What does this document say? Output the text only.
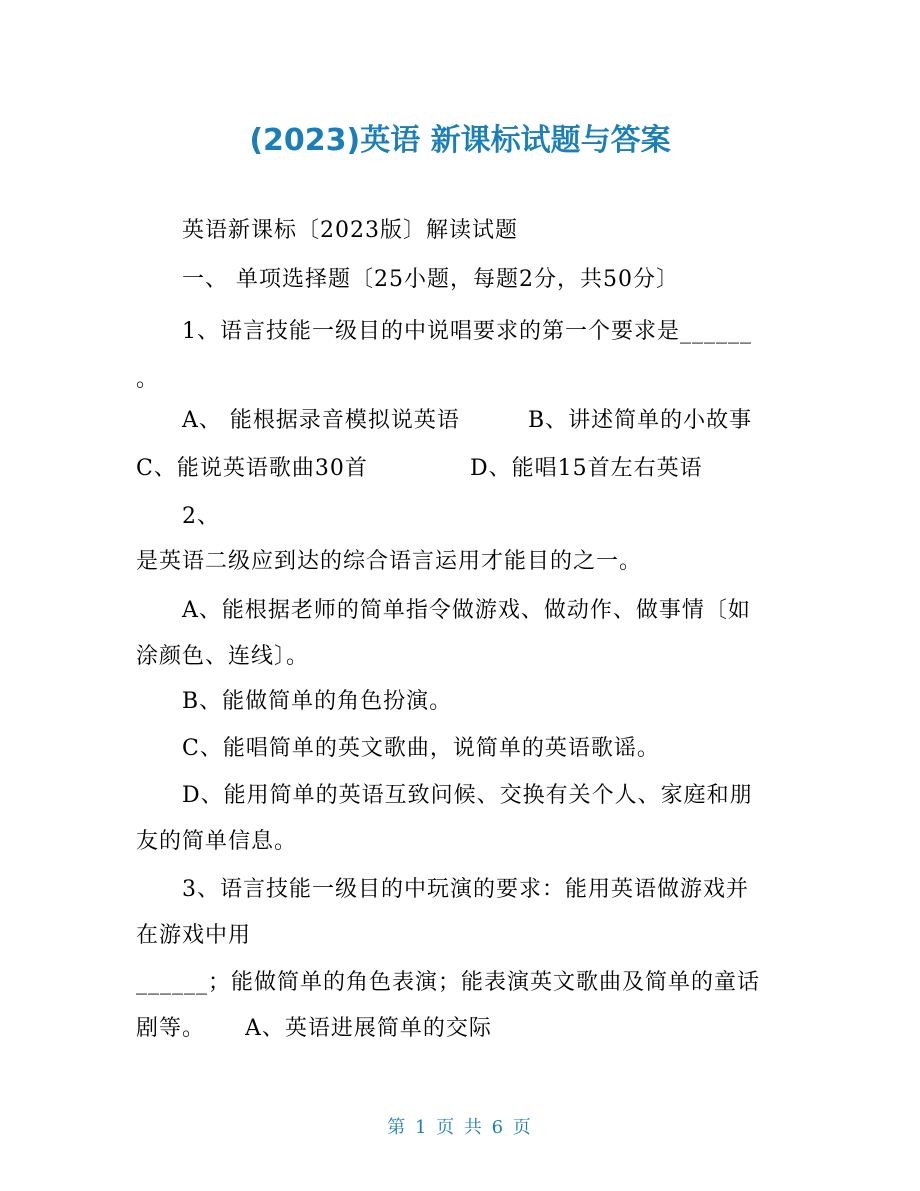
(2023)英语 新课标试题与答案
英语新课标〔2023版〕解读试题
一、 单项选择题〔25小题，每题2分，共50分〕
1、语言技能一级目的中说唱要求的第一个要求是______
。
A、 能根据录音模拟说英语	B、讲述简单的小故事
C、能说英语歌曲30首	D、能唱15首左右英语
2、
是英语二级应到达的综合语言运用才能目的之一。
A、能根据老师的简单指令做游戏、做动作、做事情〔如
涂颜色、连线〕。
B、能做简单的角色扮演。
C、能唱简单的英文歌曲，说简单的英语歌谣。
D、能用简单的英语互致问候、交换有关个人、家庭和朋
友的简单信息。
3、语言技能一级目的中玩演的要求：能用英语做游戏并
在游戏中用
______；能做简单的角色表演；能表演英文歌曲及简单的童话
剧等。 A、英语进展简单的交际
第 1 页 共 6 页
